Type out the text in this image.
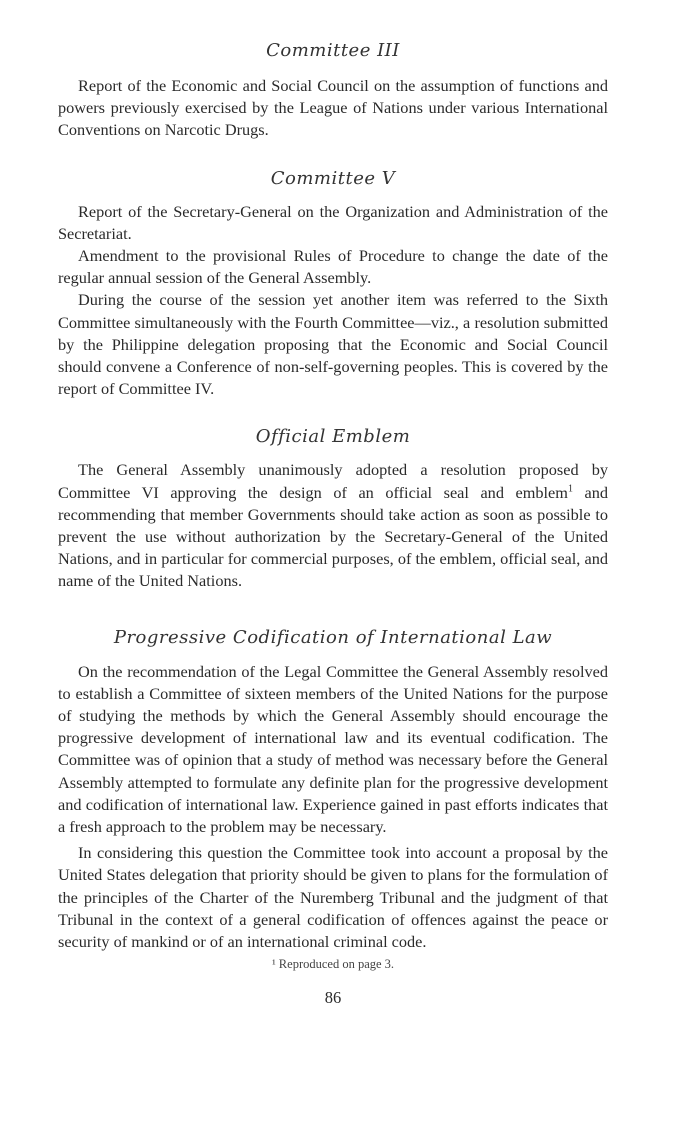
Committee III

Report of the Economic and Social Council on the assumption of functions and powers previously exercised by the League of Nations under various International Conventions on Narcotic Drugs.

Committee V

Report of the Secretary-General on the Organization and Administration of the Secretariat.

Amendment to the provisional Rules of Procedure to change the date of the regular annual session of the General Assembly.

During the course of the session yet another item was referred to the Sixth Committee simultaneously with the Fourth Committee—viz., a resolution submitted by the Philippine delegation proposing that the Economic and Social Council should convene a Conference of non-self-governing peoples. This is covered by the report of Committee IV.

Official Emblem

The General Assembly unanimously adopted a resolution proposed by Committee VI approving the design of an official seal and emblem$^1$ and recommending that member Governments should take action as soon as possible to prevent the use without authorization by the Secretary-General of the United Nations, and in particular for commercial purposes, of the emblem, official seal, and name of the United Nations.

Progressive Codification of International Law

On the recommendation of the Legal Committee the General Assembly resolved to establish a Committee of sixteen members of the United Nations for the purpose of studying the methods by which the General Assembly should encourage the progressive development of international law and its eventual codification. The Committee was of opinion that a study of method was necessary before the General Assembly attempted to formulate any definite plan for the progressive development and codification of international law. Experience gained in past efforts indicates that a fresh approach to the problem may be necessary.

In considering this question the Committee took into account a proposal by the United States delegation that priority should be given to plans for the formulation of the principles of the Charter of the Nuremberg Tribunal and the judgment of that Tribunal in the context of a general codification of offences against the peace or security of mankind or of an international criminal code.

¹ Reproduced on page 3.

86
